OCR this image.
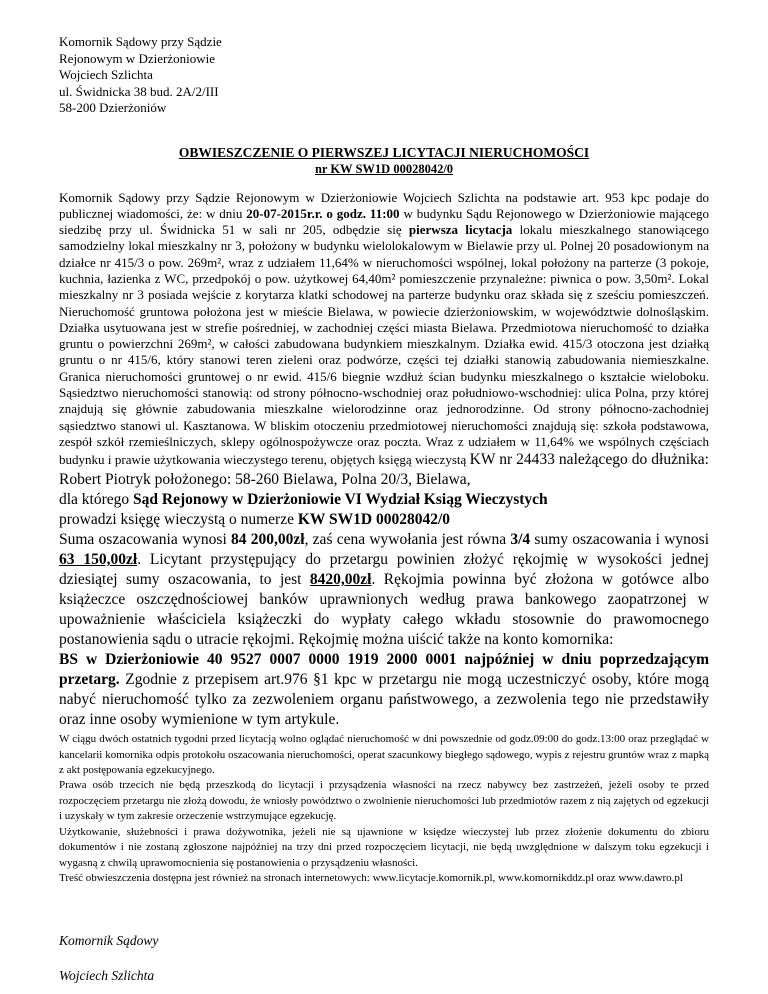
Komornik Sądowy przy Sądzie
Rejonowym w Dzierżoniowie
Wojciech Szlichta
ul. Świdnicka 38 bud. 2A/2/III
58-200 Dzierżoniów
OBWIESZCZENIE O PIERWSZEJ LICYTACJI NIERUCHOMOŚCI
nr KW SW1D 00028042/0
Komornik Sądowy przy Sądzie Rejonowym w Dzierżoniowie Wojciech Szlichta na podstawie art. 953 kpc podaje do publicznej wiadomości, że: w dniu 20-07-2015r.r. o godz. 11:00 w budynku Sądu Rejonowego w Dzierżoniowie mającego siedzibę przy ul. Świdnicka 51 w sali nr 205, odbędzie się pierwsza licytacja lokalu mieszkalnego stanowiącego samodzielny lokal mieszkalny nr 3, położony w budynku wielolokalowym w Bielawie przy ul. Polnej 20 posadowionym na działce nr 415/3 o pow. 269m², wraz z udziałem 11,64% w nieruchomości wspólnej, lokal położony na parterze (3 pokoje, kuchnia, łazienka z WC, przedpokój o pow. użytkowej 64,40m² pomieszczenie przynależne: piwnica o pow. 3,50m². Lokal mieszkalny nr 3 posiada wejście z korytarza klatki schodowej na parterze budynku oraz składa się z sześciu pomieszczeń. Nieruchomość gruntowa położona jest w mieście Bielawa, w powiecie dzierżoniowskim, w województwie dolnośląskim. Działka usytuowana jest w strefie pośredniej, w zachodniej części miasta Bielawa. Przedmiotowa nieruchomość to działka gruntu o powierzchni 269m², w całości zabudowana budynkiem mieszkalnym. Działka ewid. 415/3 otoczona jest działką gruntu o nr 415/6, który stanowi teren zieleni oraz podwórze, części tej działki stanowią zabudowania niemieszkalne. Granica nieruchomości gruntowej o nr ewid. 415/6 biegnie wzdłuż ścian budynku mieszkalnego o kształcie wieloboku. Sąsiedztwo nieruchomości stanowią: od strony północno-wschodniej oraz południowo-wschodniej: ulica Polna, przy której znajdują się głównie zabudowania mieszkalne wielorodzinne oraz jednorodzinne. Od strony północno-zachodniej sąsiedztwo stanowi ul. Kasztanowa. W bliskim otoczeniu przedmiotowej nieruchomości znajdują się: szkoła podstawowa, zespół szkół rzemieślniczych, sklepy ogólnospożywcze oraz poczta. Wraz z udziałem w 11,64% we wspólnych częściach budynku i prawie użytkowania wieczystego terenu, objętych księgą wieczystą KW nr 24433 należącego do dłużnika: Robert Piotryk położonego: 58-260 Bielawa, Polna 20/3, Bielawa,
dla którego Sąd Rejonowy w Dzierżoniowie VI Wydział Ksiąg Wieczystych
prowadzi księgę wieczystą o numerze KW SW1D 00028042/0
Suma oszacowania wynosi 84 200,00zł, zaś cena wywołania jest równa 3/4 sumy oszacowania i wynosi 63 150,00zł. Licytant przystępujący do przetargu powinien złożyć rękojmię w wysokości jednej dziesiątej sumy oszacowania, to jest 8420,00zł. Rękojmia powinna być złożona w gotówce albo książeczce oszczędnościowej banków uprawnionych według prawa bankowego zaopatrzonej w upoważnienie właściciela książeczki do wypłaty całego wkładu stosownie do prawomocnego postanowienia sądu o utracie rękojmi. Rękojmię można uiścić także na konto komornika:
BS w Dzierżoniowie 40 9527 0007 0000 1919 2000 0001 najpóźniej w dniu poprzedzającym przetarg. Zgodnie z przepisem art.976 §1 kpc w przetargu nie mogą uczestniczyć osoby, które mogą nabyć nieruchomość tylko za zezwoleniem organu państwowego, a zezwolenia tego nie przedstawiły oraz inne osoby wymienione w tym artykule.
W ciągu dwóch ostatnich tygodni przed licytacją wolno oglądać nieruchomość w dni powszednie od godz.09:00 do godz.13:00 oraz przeglądać w kancelarii komornika odpis protokołu oszacowania nieruchomości, operat szacunkowy biegłego sądowego, wypis z rejestru gruntów wraz z mapką z akt postępowania egzekucyjnego.
Prawa osób trzecich nie będą przeszkodą do licytacji i przysądzenia własności na rzecz nabywcy bez zastrzeżeń, jeżeli osoby te przed rozpoczęciem przetargu nie złożą dowodu, że wniosły powództwo o zwolnienie nieruchomości lub przedmiotów razem z nią zajętych od egzekucji i uzyskały w tym zakresie orzeczenie wstrzymujące egzekucję.
Użytkowanie, służebności i prawa dożywotnika, jeżeli nie są ujawnione w księdze wieczystej lub przez złożenie dokumentu do zbioru dokumentów i nie zostaną zgłoszone najpóźniej na trzy dni przed rozpoczęciem licytacji, nie będą uwzględnione w dalszym toku egzekucji i wygasną z chwilą uprawomocnienia się postanowienia o przysądzeniu własności.
Treść obwieszczenia dostępna jest również na stronach internetowych: www.licytacje.komornik.pl, www.komornikddz.pl oraz www.dawro.pl
Komornik Sądowy
Wojciech Szlichta
